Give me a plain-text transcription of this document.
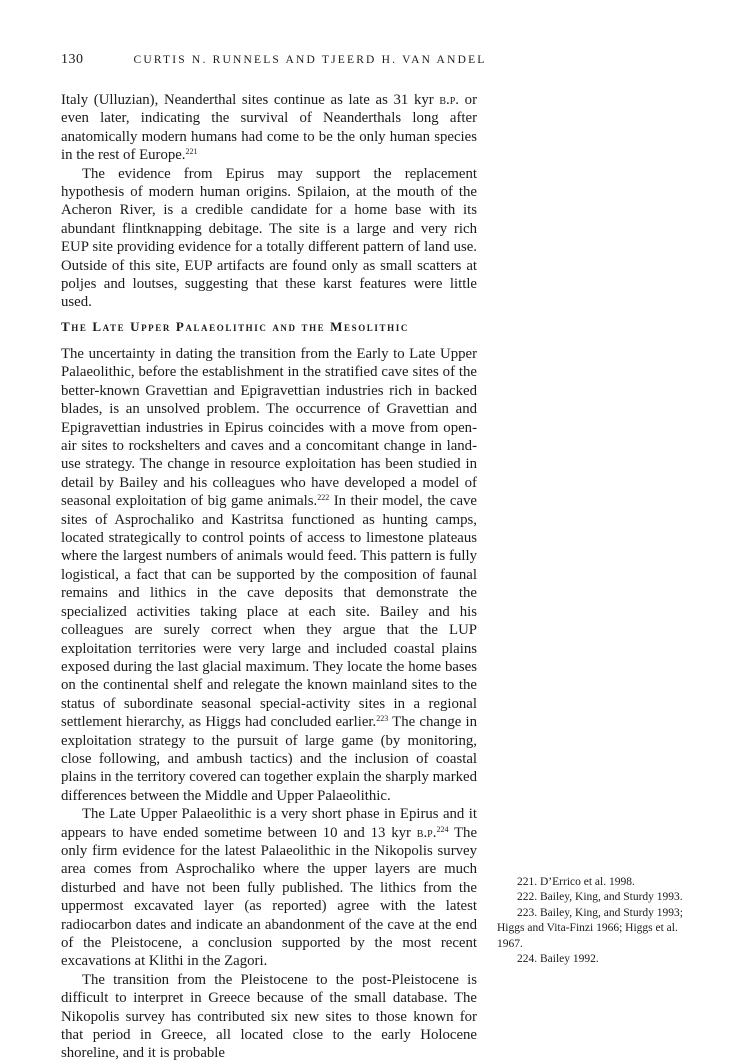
130	CURTIS N. RUNNELS AND TJEERD H. VAN ANDEL

Italy (Ulluzian), Neanderthal sites continue as late as 31 kyr b.p. or even later, indicating the survival of Neanderthals long after anatomically modern humans had come to be the only human species in the rest of Europe.$^{221}$

The evidence from Epirus may support the replacement hypothesis of modern human origins. Spilaion, at the mouth of the Acheron River, is a credible candidate for a home base with its abundant flintknapping debitage. The site is a large and very rich EUP site providing evidence for a totally different pattern of land use. Outside of this site, EUP artifacts are found only as small scatters at poljes and loutses, suggesting that these karst features were little used.

The Late Upper Palaeolithic and the Mesolithic

The uncertainty in dating the transition from the Early to Late Upper Palaeolithic, before the establishment in the stratified cave sites of the better-known Gravettian and Epigravettian industries rich in backed blades, is an unsolved problem. The occurrence of Gravettian and Epigravettian industries in Epirus coincides with a move from open-air sites to rockshelters and caves and a concomitant change in land-use strategy. The change in resource exploitation has been studied in detail by Bailey and his colleagues who have developed a model of seasonal exploitation of big game animals.$^{222}$ In their model, the cave sites of Asprochaliko and Kastritsa functioned as hunting camps, located strategically to control points of access to limestone plateaus where the largest numbers of animals would feed. This pattern is fully logistical, a fact that can be supported by the composition of faunal remains and lithics in the cave deposits that demonstrate the specialized activities taking place at each site. Bailey and his colleagues are surely correct when they argue that the LUP exploitation territories were very large and included coastal plains exposed during the last glacial maximum. They locate the home bases on the continental shelf and relegate the known mainland sites to the status of subordinate seasonal special-activity sites in a regional settlement hierarchy, as Higgs had concluded earlier.$^{223}$ The change in exploitation strategy to the pursuit of large game (by monitoring, close following, and ambush tactics) and the inclusion of coastal plains in the territory covered can together explain the sharply marked differences between the Middle and Upper Palaeolithic.

The Late Upper Palaeolithic is a very short phase in Epirus and it appears to have ended sometime between 10 and 13 kyr b.p.$^{224}$ The only firm evidence for the latest Palaeolithic in the Nikopolis survey area comes from Asprochaliko where the upper layers are much disturbed and have not been fully published. The lithics from the uppermost excavated layer (as reported) agree with the latest radiocarbon dates and indicate an abandonment of the cave at the end of the Pleistocene, a conclusion supported by the most recent excavations at Klithi in the Zagori.

The transition from the Pleistocene to the post-Pleistocene is difficult to interpret in Greece because of the small database. The Nikopolis survey has contributed six new sites to those known for that period in Greece, all located close to the early Holocene shoreline, and it is probable

221. D’Errico et al. 1998.

222. Bailey, King, and Sturdy 1993.

223. Bailey, King, and Sturdy 1993; Higgs and Vita-Finzi 1966; Higgs et al. 1967.

224. Bailey 1992.
